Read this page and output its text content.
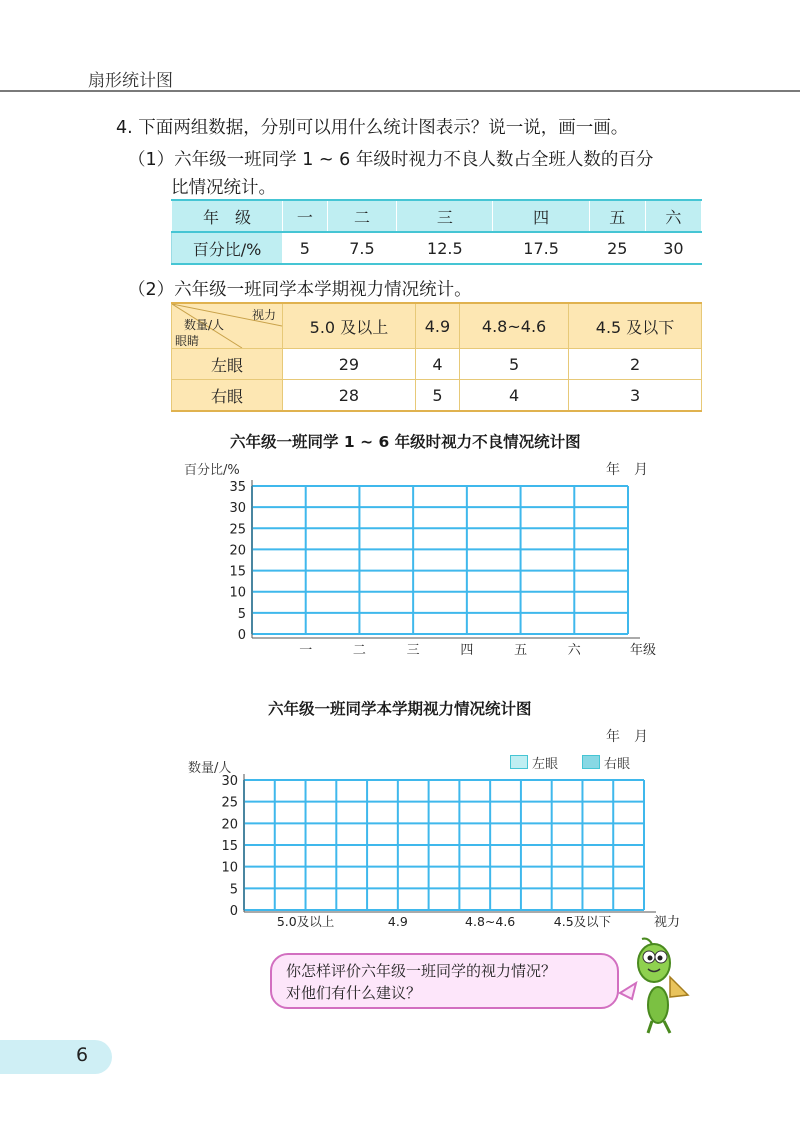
扇形统计图
4. 下面两组数据，分别可以用什么统计图表示？说一说，画一画。
（1）六年级一班同学 1 ~ 6 年级时视力不良人数占全班人数的百分
比情况统计。
年　级	一	二	三	四	五	六
百分比/%	5	7.5	12.5	17.5	25	30
（2）六年级一班同学本学期视力情况统计。
视力
数量/人
眼睛	5.0 及以上	4.9	4.8~4.6	4.5 及以下
左眼	29	4	5	2
右眼	28	5	4	3
六年级一班同学 1 ~ 6 年级时视力不良情况统计图
百分比/%	年　月
0
5
10
15
20
25
30
35
一	二	三	四	五	六	年级
六年级一班同学本学期视力情况统计图
年　月
数量/人	左眼	右眼
0
5
10
15
20
25
30
5.0及以上	4.9	4.8~4.6	4.5及以下	视力
你怎样评价六年级一班同学的视力情况？
对他们有什么建议？
6
